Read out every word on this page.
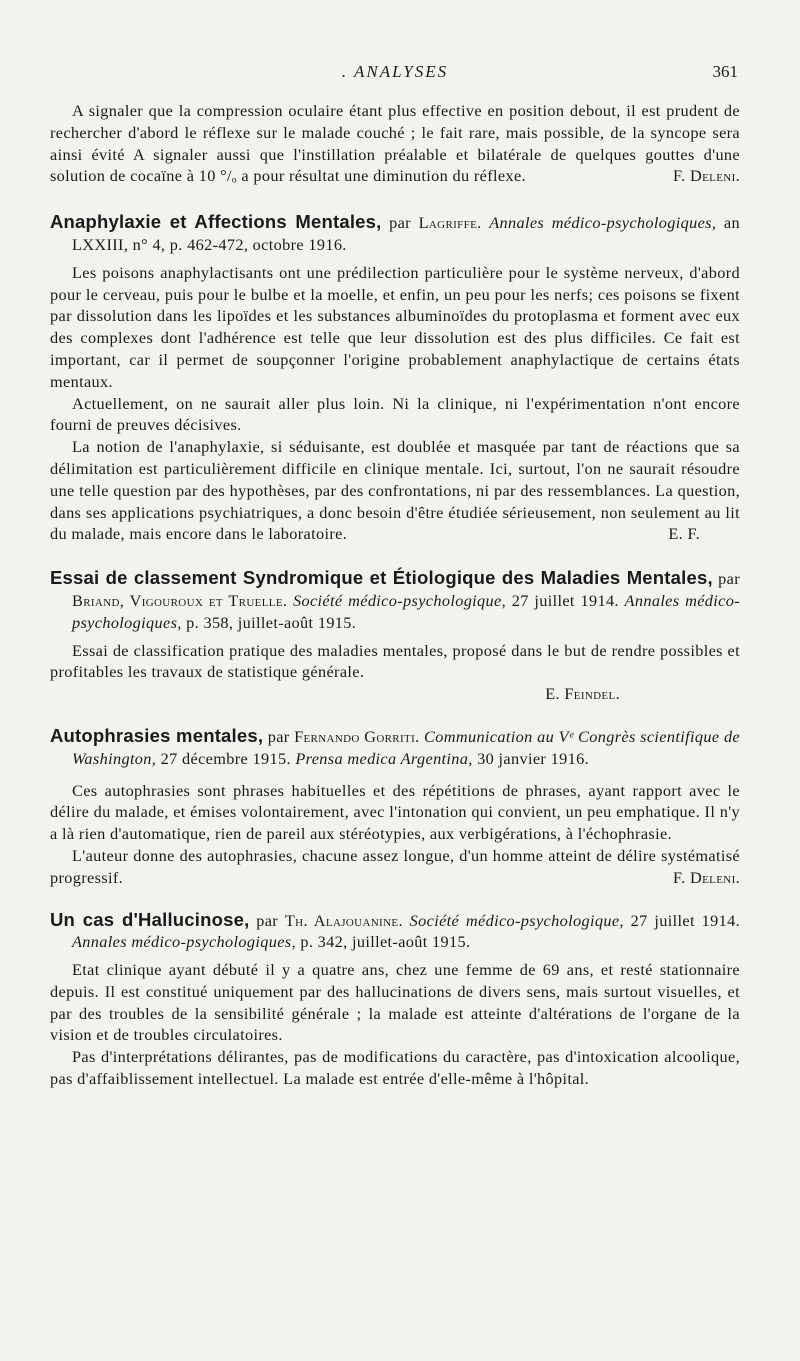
. ANALYSES	361

A signaler que la compression oculaire étant plus effective en position debout, il est prudent de rechercher d'abord le réflexe sur le malade couché ; le fait rare, mais possible, de la syncope sera ainsi évité A signaler aussi que l'instillation préalable et bilatérale de quelques gouttes d'une solution de cocaïne à 10 °/ₒ a pour résultat une diminution du réflexe.	F. Deleni.

Anaphylaxie et Affections Mentales, par Lagriffe. Annales médico-psychologiques, an LXXIII, n° 4, p. 462-472, octobre 1916.

Les poisons anaphylactisants ont une prédilection particulière pour le système nerveux, d'abord pour le cerveau, puis pour le bulbe et la moelle, et enfin, un peu pour les nerfs; ces poisons se fixent par dissolution dans les lipoïdes et les substances albuminoïdes du protoplasma et forment avec eux des complexes dont l'adhérence est telle que leur dissolution est des plus difficiles. Ce fait est important, car il permet de soupçonner l'origine probablement anaphylactique de certains états mentaux.

Actuellement, on ne saurait aller plus loin. Ni la clinique, ni l'expérimentation n'ont encore fourni de preuves décisives.

La notion de l'anaphylaxie, si séduisante, est doublée et masquée par tant de réactions que sa délimitation est particulièrement difficile en clinique mentale. Ici, surtout, l'on ne saurait résoudre une telle question par des hypothèses, par des confrontations, ni par des ressemblances. La question, dans ses applications psychiatriques, a donc besoin d'être étudiée sérieusement, non seulement au lit du malade, mais encore dans le laboratoire.	E. F.

Essai de classement Syndromique et Étiologique des Maladies Mentales, par Briand, Vigouroux et Truelle. Société médico-psychologique, 27 juillet 1914. Annales médico-psychologiques, p. 358, juillet-août 1915.

Essai de classification pratique des maladies mentales, proposé dans le but de rendre possibles et profitables les travaux de statistique générale.

E. Feindel.

Autophrasies mentales, par Fernando Gorriti. Communication au Vᵉ Congrès scientifique de Washington, 27 décembre 1915. Prensa medica Argentina, 30 janvier 1916.

Ces autophrasies sont phrases habituelles et des répétitions de phrases, ayant rapport avec le délire du malade, et émises volontairement, avec l'intonation qui convient, un peu emphatique. Il n'y a là rien d'automatique, rien de pareil aux stéréotypies, aux verbigérations, à l'échophrasie.

L'auteur donne des autophrasies, chacune assez longue, d'un homme atteint de délire systématisé progressif.	F. Deleni.

Un cas d'Hallucinose, par Th. Alajouanine. Société médico-psychologique, 27 juillet 1914. Annales médico-psychologiques, p. 342, juillet-août 1915.

Etat clinique ayant débuté il y a quatre ans, chez une femme de 69 ans, et resté stationnaire depuis. Il est constitué uniquement par des hallucinations de divers sens, mais surtout visuelles, et par des troubles de la sensibilité générale ; la malade est atteinte d'altérations de l'organe de la vision et de troubles circulatoires.

Pas d'interprétations délirantes, pas de modifications du caractère, pas d'intoxication alcoolique, pas d'affaiblissement intellectuel. La malade est entrée d'elle-même à l'hôpital.
